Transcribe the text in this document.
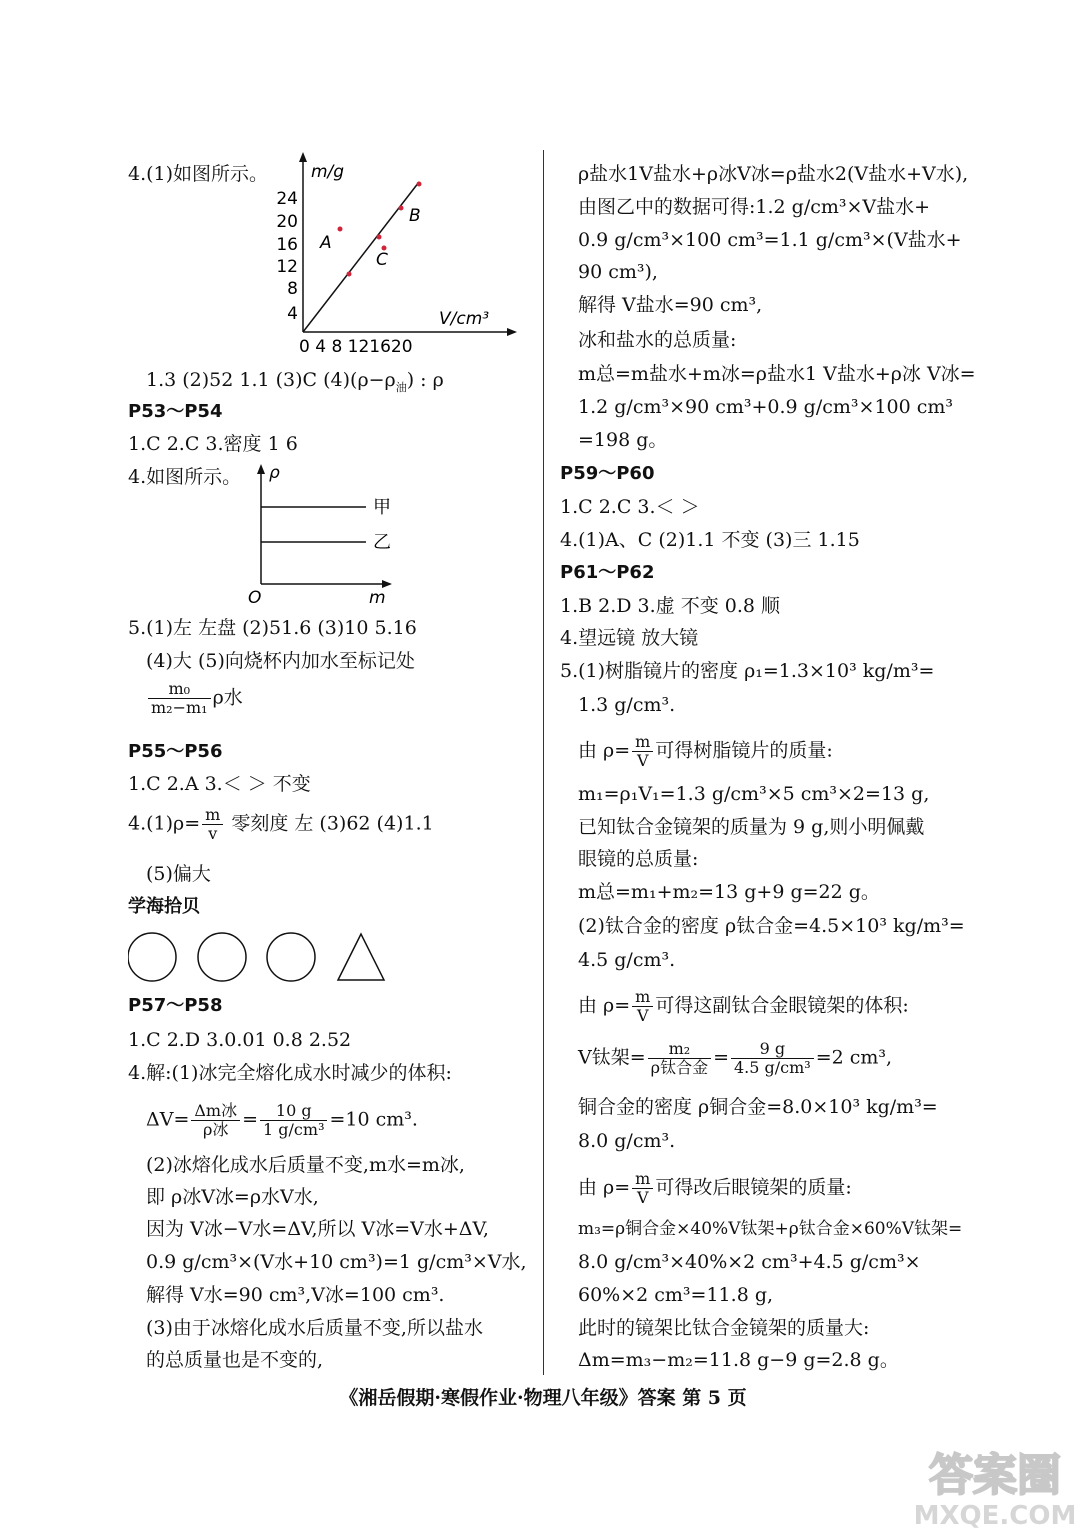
4.(1)如图所示。	m/g
V/cm³
24
20
16
12
8
4
0 4 8 121620
A
B
C
1.3 (2)52 1.1 (3)C $(4)(\rho-\rho_油)$ : ρ
P53～P54
1.C 2.C 3.密度 1 6
4.如图所示。 ρ
O	m
甲
乙
5.(1)左 左盘 (2)51.6 (3)10 5.16
(4)大 (5)向烧杯内加水至标记处
$\frac{\text{m₀}}{\text{m₂−m₁}}$ ρ水
P55～P56
1.C 2.A 3.＜ ＞ 不变
$4.(1)\rho= \frac{m}{v}$ 零刻度 左 (3)62 (4)1.1
(5)偏大
学海拾贝
P57～P58
1.C 2.D 3.0.01 0.8 2.52
4.解:(1)冰完全熔化成水时减少的体积:
$\Delta V= \frac{\text{Δm冰}}{\text{ρ冰}} = \frac{10 g}{\text{1 g/cm³}} =10$ cm³.
(2)冰熔化成水后质量不变,m水=m冰,
即 ρ冰V冰=ρ水V水,
因为 V冰−V水=ΔV,所以 V冰=V水+ΔV,
0.9 g/cm³×(V水+10 cm³)=1 g/cm³×V水,
解得 V水=90 cm³,V冰=100 cm³.
(3)由于冰熔化成水后质量不变,所以盐水
的总质量也是不变的,
ρ盐水1V盐水+ρ冰V冰=ρ盐水2(V盐水+V水),
由图乙中的数据可得:1.2 g/cm³×V盐水+
0.9 g/cm³×100 cm³=1.1 g/cm³×(V盐水+
90 cm³),
解得 V盐水=90 cm³,
冰和盐水的总质量:
m总=m盐水+m冰=ρ盐水1 V盐水+ρ冰 V冰=
1.2 g/cm³×90 cm³+0.9 g/cm³×100 cm³
=198 g。
P59～P60
1.C 2.C 3.＜ ＞
4.(1)A、C (2)1.1 不变 (3)三 1.15
P61～P62
1.B 2.D 3.虚 不变 0.8 顺
4.望远镜 放大镜
5.(1)树脂镜片的密度 ρ₁=1.3×10³ kg/m³=
1.3 g/cm³.
由 $\rho= \frac{m}{V}$ 可得树脂镜片的质量:
m₁=ρ₁V₁=1.3 g/cm³×5 cm³×2=13 g,
已知钛合金镜架的质量为 9 g,则小明佩戴
眼镜的总质量:
m总=m₁+m₂=13 g+9 g=22 g。
(2)钛合金的密度 ρ钛合金=4.5×10³ kg/m³=
4.5 g/cm³.
由 $\rho= \frac{m}{V}$ 可得这副钛合金眼镜架的体积:
V钛架= $\frac{\text{m₂}}{\text{ρ钛合金}} = \frac{9 g}{\text{4.5 g/cm³}} =2$ cm³,
铜合金的密度 ρ铜合金=8.0×10³ kg/m³=
8.0 g/cm³.
由 $\rho= \frac{m}{V}$ 可得改后眼镜架的质量:
m₃=ρ铜合金×40%V钛架+ρ钛合金×60%V钛架=
8.0 g/cm³×40%×2 cm³+4.5 g/cm³×
60%×2 cm³=11.8 g,
此时的镜架比钛合金镜架的质量大:
Δm=m₃−m₂=11.8 g−9 g=2.8 g。
《湘岳假期·寒假作业·物理八年级》答案 第 5 页
答案圈
MXQE.COM
